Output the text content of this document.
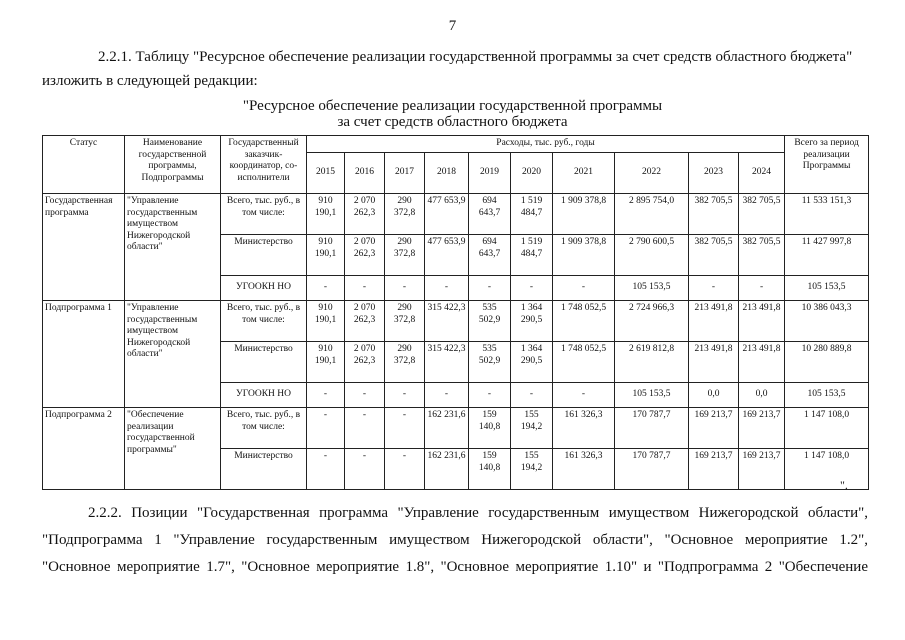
7
2.2.1. Таблицу "Ресурсное обеспечение реализации государственной программы за счет средств областного бюджета"
изложить в следующей редакции:
"Ресурсное обеспечение реализации государственной программы
за счет средств областного бюджета
Статус	Наименование государственной программы, Подпрограммы	Государственный заказчик-координатор, со-исполнители	Расходы, тыс. руб., годы										Всего за период реализации Программы
			2015	2016	2017	2018	2019	2020	2021	2022	2023	2024	
Государственная программа	"Управление государственным имуществом Нижегородской области"	Всего, тыс. руб., в том числе:	910 190,1	2 070 262,3	290 372,8	477 653,9	694 643,7	1 519 484,7	1 909 378,8	2 895 754,0	382 705,5	382 705,5	11 533 151,3
		Министерство	910 190,1	2 070 262,3	290 372,8	477 653,9	694 643,7	1 519 484,7	1 909 378,8	2 790 600,5	382 705,5	382 705,5	11 427 997,8
		УГООКН НО	-	-	-	-	-	-	-	105 153,5	-	-	105 153,5
Подпрограмма 1	"Управление государственным имуществом Нижегородской области"	Всего, тыс. руб., в том числе:	910 190,1	2 070 262,3	290 372,8	315 422,3	535 502,9	1 364 290,5	1 748 052,5	2 724 966,3	213 491,8	213 491,8	10 386 043,3
		Министерство	910 190,1	2 070 262,3	290 372,8	315 422,3	535 502,9	1 364 290,5	1 748 052,5	2 619 812,8	213 491,8	213 491,8	10 280 889,8
		УГООКН НО	-	-	-	-	-	-	-	105 153,5	0,0	0,0	105 153,5
Подпрограмма 2	"Обеспечение реализации государственной программы"	Всего, тыс. руб., в том числе:	-	-	-	162 231,6	159 140,8	155 194,2	161 326,3	170 787,7	169 213,7	169 213,7	1 147 108,0
		Министерство	-	-	-	162 231,6	159 140,8	155 194,2	161 326,3	170 787,7	169 213,7	169 213,7	1 147 108,0
".
2.2.2. Позиции "Государственная программа "Управление государственным имуществом Нижегородской области",
"Подпрограмма 1 "Управление государственным имуществом Нижегородской области", "Основное мероприятие 1.2",
"Основное мероприятие 1.7", "Основное мероприятие 1.8", "Основное мероприятие 1.10" и "Подпрограмма 2 "Обеспечение
